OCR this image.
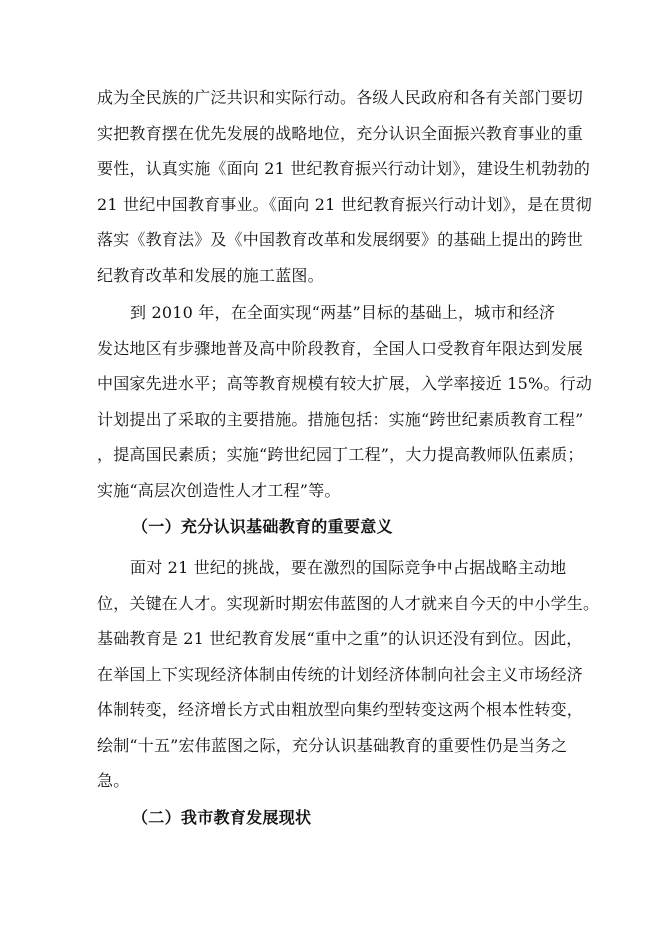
成为全民族的广泛共识和实际行动。各级人民政府和各有关部门要切
实把教育摆在优先发展的战略地位，充分认识全面振兴教育事业的重
要性，认真实施《面向 21 世纪教育振兴行动计划》，建设生机勃勃的
21 世纪中国教育事业。《面向 21 世纪教育振兴行动计划》，是在贯彻
落实《教育法》及《中国教育改革和发展纲要》的基础上提出的跨世
纪教育改革和发展的施工蓝图。
到 2010 年，在全面实现“两基”目标的基础上，城市和经济
发达地区有步骤地普及高中阶段教育，全国人口受教育年限达到发展
中国家先进水平；高等教育规模有较大扩展，入学率接近 15%。行动
计划提出了采取的主要措施。措施包括：实施“跨世纪素质教育工程”
，提高国民素质；实施“跨世纪园丁工程”，大力提高教师队伍素质；
实施“高层次创造性人才工程”等。
（一）充分认识基础教育的重要意义
面对 21 世纪的挑战，要在激烈的国际竞争中占据战略主动地
位，关键在人才。实现新时期宏伟蓝图的人才就来自今天的中小学生。
基础教育是 21 世纪教育发展“重中之重”的认识还没有到位。因此，
在举国上下实现经济体制由传统的计划经济体制向社会主义市场经济
体制转变，经济增长方式由粗放型向集约型转变这两个根本性转变，
绘制“十五”宏伟蓝图之际，充分认识基础教育的重要性仍是当务之
急。
（二）我市教育发展现状
